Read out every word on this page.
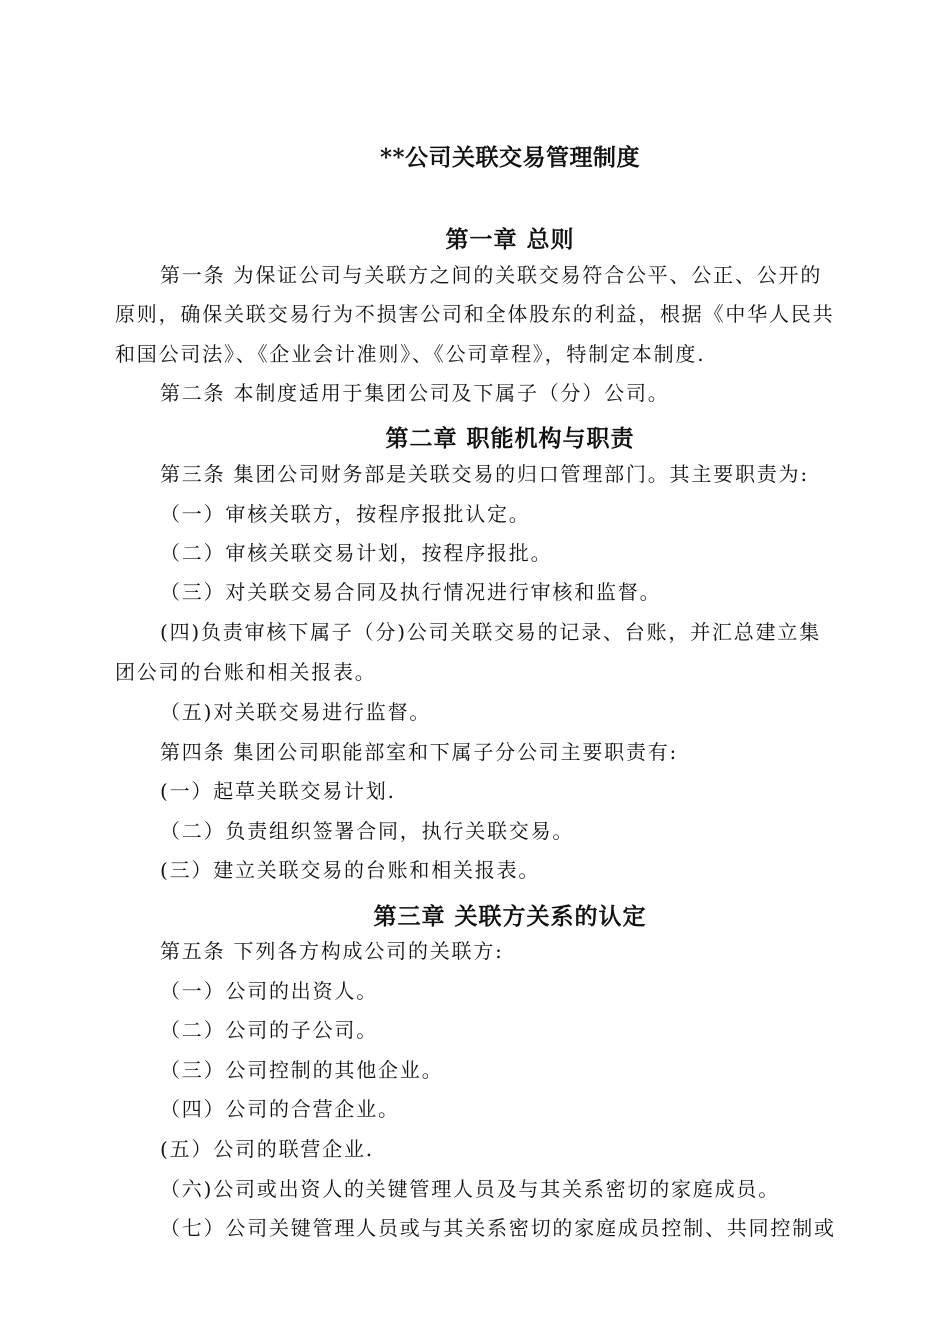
**公司关联交易管理制度
第一章 总则

第一条 为保证公司与关联方之间的关联交易符合公平、公正、公开的

原则，确保关联交易行为不损害公司和全体股东的利益，根据《中华人民共

和国公司法》、《企业会计准则》、《公司章程》，特制定本制度.

第二条 本制度适用于集团公司及下属子（分）公司。

第二章 职能机构与职责

第三条 集团公司财务部是关联交易的归口管理部门。其主要职责为:

（一）审核关联方，按程序报批认定。

（二）审核关联交易计划，按程序报批。

（三）对关联交易合同及执行情况进行审核和监督。

(四)负责审核下属子（分)公司关联交易的记录、台账，并汇总建立集

团公司的台账和相关报表。

（五)对关联交易进行监督。

第四条 集团公司职能部室和下属子分公司主要职责有:

(一）起草关联交易计划.

（二）负责组织签署合同，执行关联交易。

(三）建立关联交易的台账和相关报表。

第三章 关联方关系的认定

第五条 下列各方构成公司的关联方:

（一）公司的出资人。

（二）公司的子公司。

（三）公司控制的其他企业。

（四）公司的合营企业。

(五）公司的联营企业.

（六)公司或出资人的关键管理人员及与其关系密切的家庭成员。

（七）公司关键管理人员或与其关系密切的家庭成员控制、共同控制或
